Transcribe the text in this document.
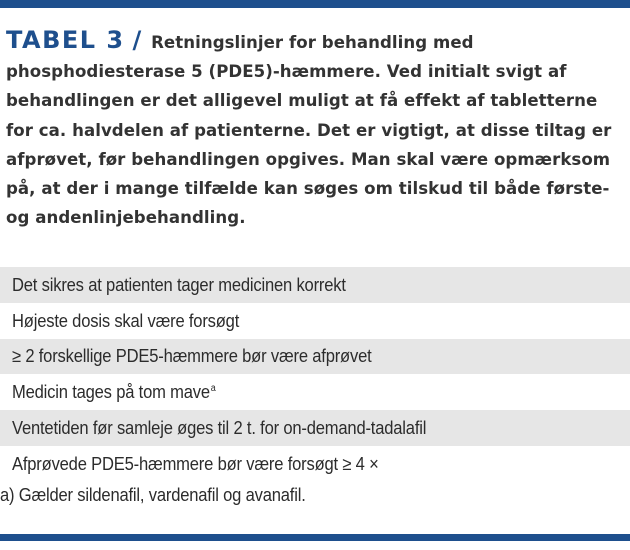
TABEL 3 / Retningslinjer for behandling med phosphodiesterase 5 (PDE5)-hæmmere. Ved initialt svigt af behandlingen er det alligevel muligt at få effekt af tabletterne for ca. halvdelen af patienterne. Det er vigtigt, at disse tiltag er afprøvet, før behandlingen opgives. Man skal være opmærksom på, at der i mange tilfælde kan søges om tilskud til både første- og andenlinjebehandling.
Det sikres at patienten tager medicinen korrekt
Højeste dosis skal være forsøgt
≥ 2 forskellige PDE5-hæmmere bør være afprøvet
Medicin tages på tom mave$^a$
Ventetiden før samleje øges til 2 t. for on-demand-tadalafil
Afprøvede PDE5-hæmmere bør være forsøgt ≥ 4 ×
a) Gælder sildenafil, vardenafil og avanafil.
